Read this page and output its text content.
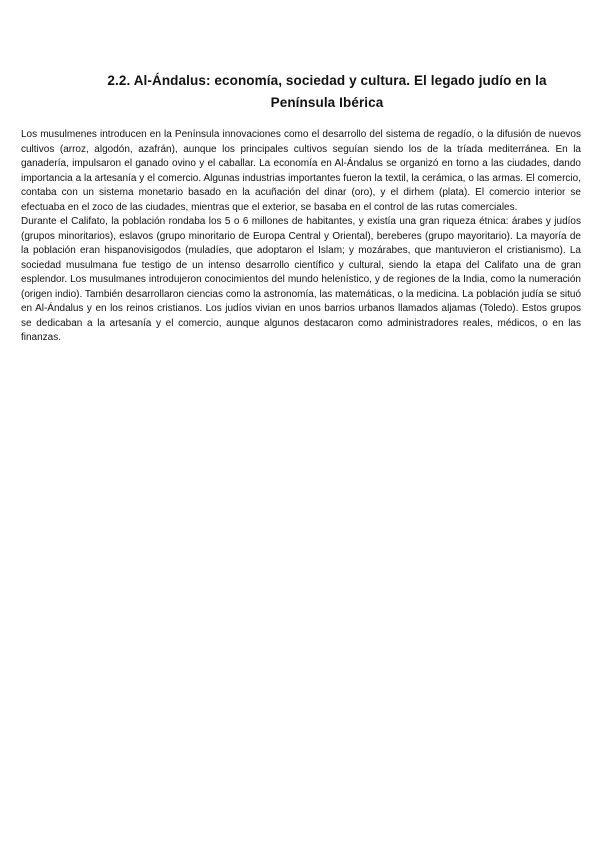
2.2. Al-Ándalus: economía, sociedad y cultura. El legado judío en la
Península Ibérica

Los musulmenes introducen en la Península innovaciones como el desarrollo del sistema de regadío, o la difusión de nuevos cultivos (arroz, algodón, azafrán), aunque los principales cultivos seguían siendo los de la tríada mediterránea. En la ganadería, impulsaron el ganado ovino y el caballar. La economía en Al-Ándalus se organizó en torno a las ciudades, dando importancia a la artesanía y el comercio. Algunas industrias importantes fueron la textil, la cerámica, o las armas. El comercio, contaba con un sistema monetario basado en la acuñación del dinar (oro), y el dirhem (plata). El comercio interior se efectuaba en el zoco de las ciudades, mientras que el exterior, se basaba en el control de las rutas comerciales.

Durante el Califato, la población rondaba los 5 o 6 millones de habitantes, y existía una gran riqueza étnica: árabes y judíos (grupos minoritarios), eslavos (grupo minoritario de Europa Central y Oriental), bereberes (grupo mayoritario). La mayoría de la población eran hispanovisigodos (muladíes, que adoptaron el Islam; y mozárabes, que mantuvieron el cristianismo). La sociedad musulmana fue testigo de un intenso desarrollo científico y cultural, siendo la etapa del Califato una de gran esplendor. Los musulmanes introdujeron conocimientos del mundo helenístico, y de regiones de la India, como la numeración (origen indio). También desarrollaron ciencias como la astronomía, las matemáticas, o la medicina. La población judía se situó en Al-Ándalus y en los reinos cristianos. Los judíos vivian en unos barrios urbanos llamados aljamas (Toledo). Estos grupos se dedicaban a la artesanía y el comercio, aunque algunos destacaron como administradores reales, médicos, o en las finanzas.
